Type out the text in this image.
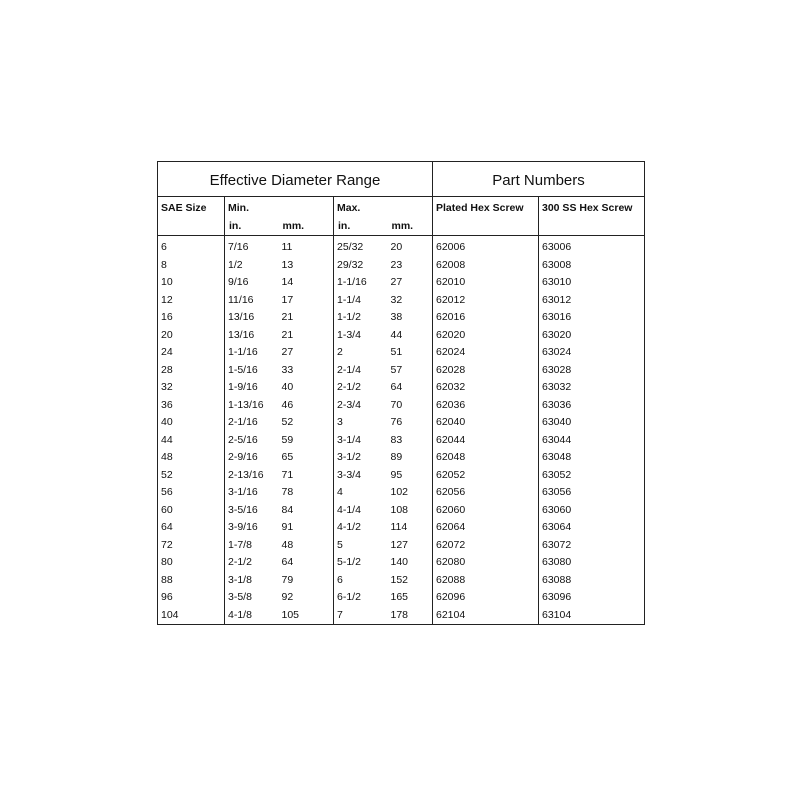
Effective Diameter Range					Part Numbers	
SAE Size	Min.		Max.		Plated Hex Screw	300 SS Hex Screw
	in.	mm.	in.	mm.		
6	7/16	11	25/32	20	62006	63006
8	1/2	13	29/32	23	62008	63008
10	9/16	14	1-1/16	27	62010	63010
12	11/16	17	1-1/4	32	62012	63012
16	13/16	21	1-1/2	38	62016	63016
20	13/16	21	1-3/4	44	62020	63020
24	1-1/16	27	2	51	62024	63024
28	1-5/16	33	2-1/4	57	62028	63028
32	1-9/16	40	2-1/2	64	62032	63032
36	1-13/16	46	2-3/4	70	62036	63036
40	2-1/16	52	3	76	62040	63040
44	2-5/16	59	3-1/4	83	62044	63044
48	2-9/16	65	3-1/2	89	62048	63048
52	2-13/16	71	3-3/4	95	62052	63052
56	3-1/16	78	4	102	62056	63056
60	3-5/16	84	4-1/4	108	62060	63060
64	3-9/16	91	4-1/2	114	62064	63064
72	1-7/8	48	5	127	62072	63072
80	2-1/2	64	5-1/2	140	62080	63080
88	3-1/8	79	6	152	62088	63088
96	3-5/8	92	6-1/2	165	62096	63096
104	4-1/8	105	7	178	62104	63104
